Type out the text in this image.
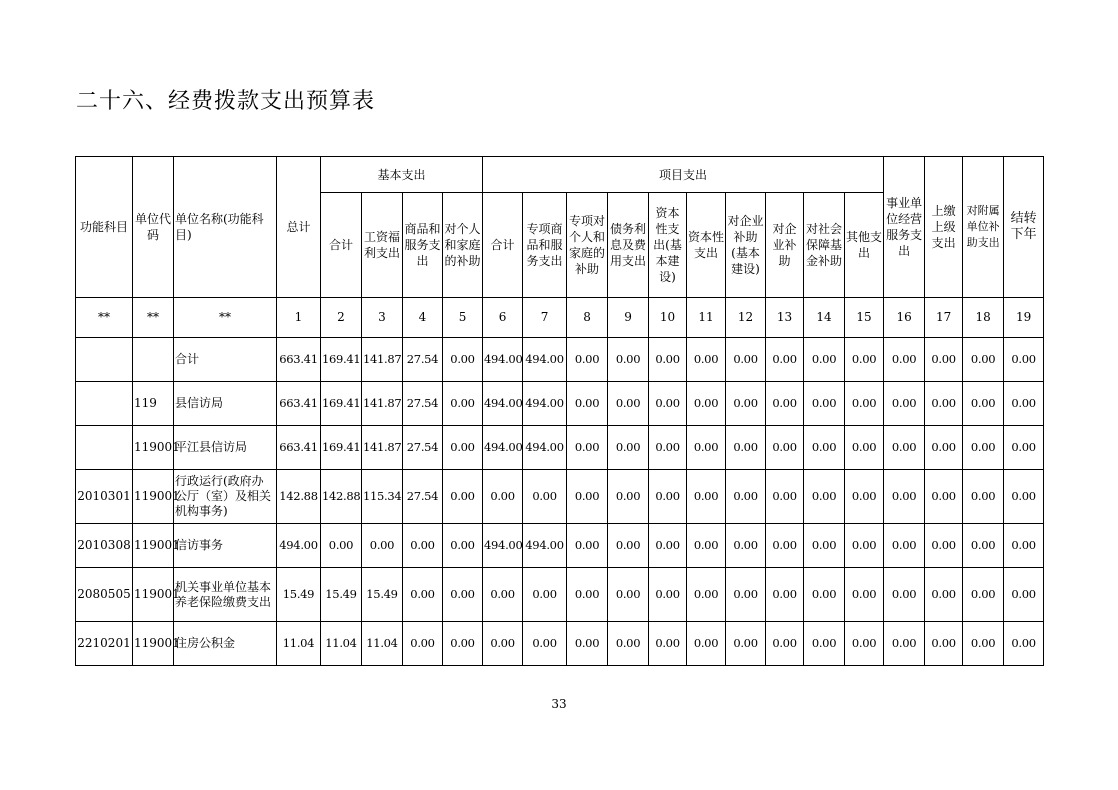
二十六、经费拨款支出预算表
功能科目	单位代码	单位名称(功能科目)	总计	基本支出				项目支出										事业单位经营服务支出	上缴上级支出	对附属单位补助支出	结转下年
				合计	工资福利支出	商品和服务支出	对个人和家庭的补助	合计	专项商品和服务支出	专项对个人和家庭的补助	债务利息及费用支出	资本性支出(基本建设)	资本性支出	对企业补助(基本建设)	对企业补助	对社会保障基金补助	其他支出				
**	**	**	1	2	3	4	5	6	7	8	9	10	11	12	13	14	15	16	17	18	19
		合计	663.41	169.41	141.87	27.54	0.00	494.00	494.00	0.00	0.00	0.00	0.00	0.00	0.00	0.00	0.00	0.00	0.00	0.00	0.00
	119	县信访局	663.41	169.41	141.87	27.54	0.00	494.00	494.00	0.00	0.00	0.00	0.00	0.00	0.00	0.00	0.00	0.00	0.00	0.00	0.00
	119001	平江县信访局	663.41	169.41	141.87	27.54	0.00	494.00	494.00	0.00	0.00	0.00	0.00	0.00	0.00	0.00	0.00	0.00	0.00	0.00	0.00
2010301	119001	行政运行(政府办公厅（室）及相关机构事务)	142.88	142.88	115.34	27.54	0.00	0.00	0.00	0.00	0.00	0.00	0.00	0.00	0.00	0.00	0.00	0.00	0.00	0.00	0.00
2010308	119001	信访事务	494.00	0.00	0.00	0.00	0.00	494.00	494.00	0.00	0.00	0.00	0.00	0.00	0.00	0.00	0.00	0.00	0.00	0.00	0.00
2080505	119001	机关事业单位基本养老保险缴费支出	15.49	15.49	15.49	0.00	0.00	0.00	0.00	0.00	0.00	0.00	0.00	0.00	0.00	0.00	0.00	0.00	0.00	0.00	0.00
2210201	119001	住房公积金	11.04	11.04	11.04	0.00	0.00	0.00	0.00	0.00	0.00	0.00	0.00	0.00	0.00	0.00	0.00	0.00	0.00	0.00	0.00
33
